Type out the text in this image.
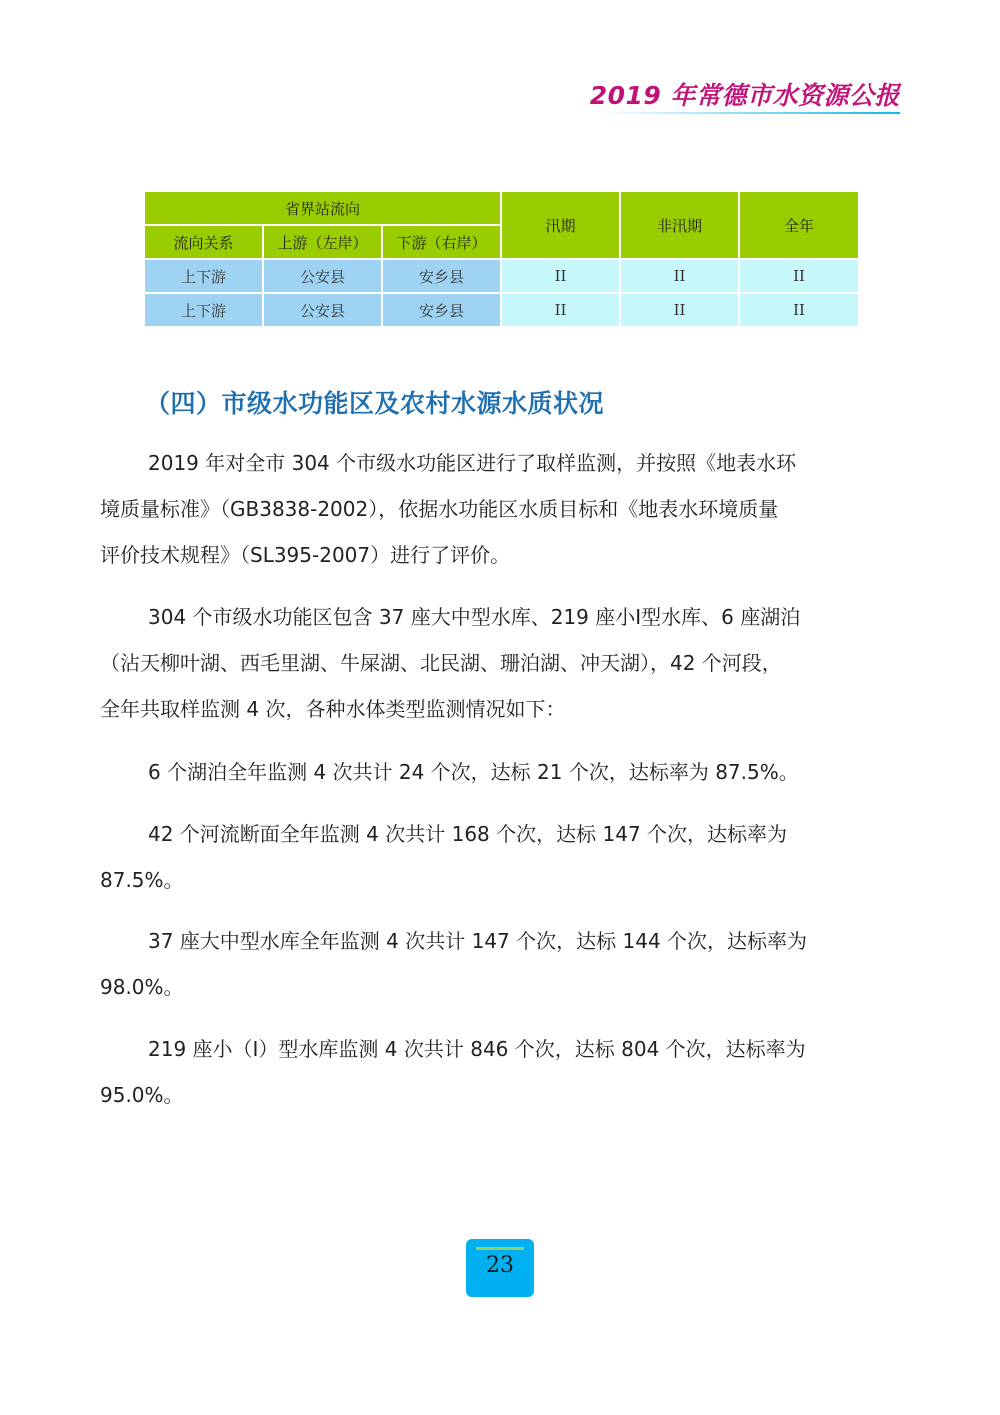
2019 年常德市水资源公报
省界站流向			汛期	非汛期	全年
流向关系	上游（左岸）	下游（右岸）			
上下游	公安县	安乡县	II	II	II
上下游	公安县	安乡县	II	II	II
（四）市级水功能区及农村水源水质状况
2019 年对全市 304 个市级水功能区进行了取样监测，并按照《地表水环
境质量标准》（GB3838-2002），依据水功能区水质目标和《地表水环境质量
评价技术规程》（SL395-2007）进行了评价。
304 个市级水功能区包含 37 座大中型水库、219 座小Ⅰ型水库、6 座湖泊
（沾天柳叶湖、西毛里湖、牛屎湖、北民湖、珊泊湖、冲天湖），42 个河段，
全年共取样监测 4 次，各种水体类型监测情况如下：
6 个湖泊全年监测 4 次共计 24 个次，达标 21 个次，达标率为 87.5%。
42 个河流断面全年监测 4 次共计 168 个次，达标 147 个次，达标率为
87.5%。
37 座大中型水库全年监测 4 次共计 147 个次，达标 144 个次，达标率为
98.0%。
219 座小（Ⅰ）型水库监测 4 次共计 846 个次，达标 804 个次，达标率为
95.0%。
23
